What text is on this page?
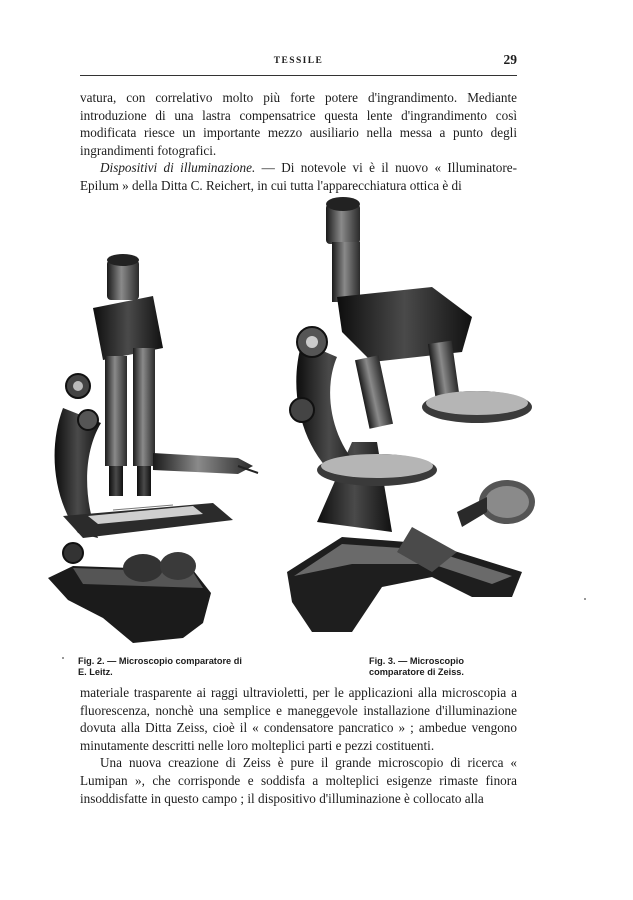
TESSILE	29

vatura, con correlativo molto più forte potere d'ingrandimento. Mediante introduzione di una lastra compensatrice questa lente d'ingrandimento così modificata riesce un importante mezzo ausiliario nella messa a punto degli ingrandimenti fotografici.

Dispositivi di illuminazione. — Di notevole vi è il nuovo « Illuminatore-Epilum » della Ditta C. Reichert, in cui tutta l'apparecchiatura ottica è di

Fig. 2. — Microscopio comparatore di E. Leitz.
Fig. 3. — Microscopio comparatore di Zeiss.

materiale trasparente ai raggi ultravioletti, per le applicazioni alla microscopia a fluorescenza, nonchè una semplice e maneggevole installazione d'illuminazione dovuta alla Ditta Zeiss, cioè il « condensatore pancratico » ; ambedue vengono minutamente descritti nelle loro molteplici parti e pezzi costituenti.

Una nuova creazione di Zeiss è pure il grande microscopio di ricerca « Lumipan », che corrisponde e soddisfa a molteplici esigenze rimaste finora insoddisfatte in questo campo ; il dispositivo d'illuminazione è collocato alla
